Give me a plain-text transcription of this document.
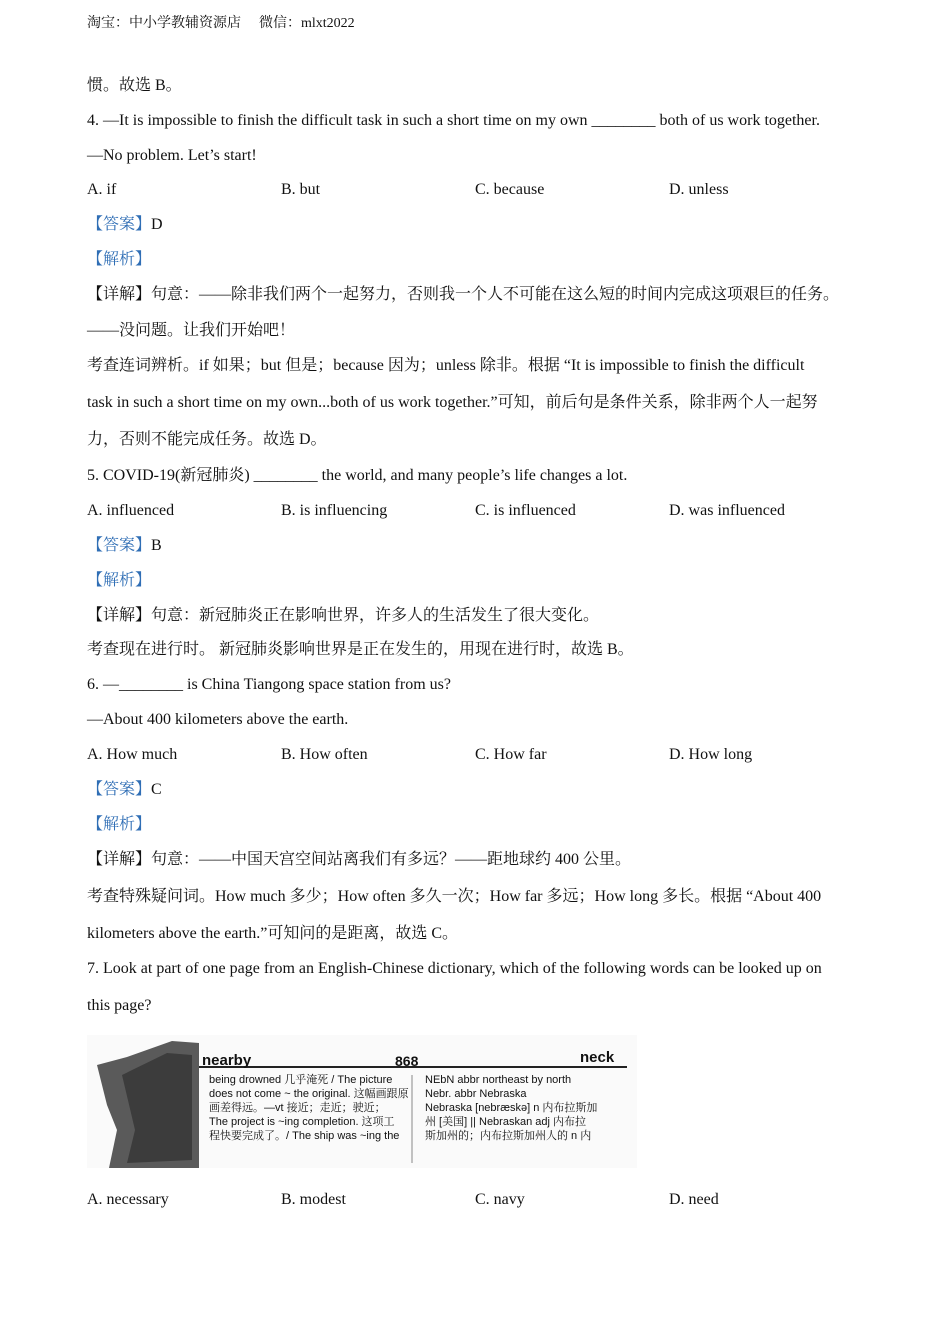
淘宝：中小学教辅资源店 微信：mlxt2022
惯。故选 B。
4. —It is impossible to finish the difficult task in such a short time on my own ________ both of us work together.
—No problem. Let’s start!
A. if	B. but	C. because	D. unless
【答案】D
【解析】
【详解】句意：——除非我们两个一起努力，否则我一个人不可能在这么短的时间内完成这项艰巨的任务。
——没问题。让我们开始吧！
考查连词辨析。if 如果；but 但是；because 因为；unless 除非。根据 “It is impossible to finish the difficult
task in such a short time on my own...both of us work together.”可知，前后句是条件关系，除非两个人一起努
力，否则不能完成任务。故选 D。
5. COVID-19(新冠肺炎) ________ the world, and many people’s life changes a lot.
A. influenced	B. is influencing	C. is influenced	D. was influenced
【答案】B
【解析】
【详解】句意：新冠肺炎正在影响世界，许多人的生活发生了很大变化。
考查现在进行时。 新冠肺炎影响世界是正在发生的，用现在进行时，故选 B。
6. —________ is China Tiangong space station from us?
—About 400 kilometers above the earth.
A. How much	B. How often	C. How far	D. How long
【答案】C
【解析】
【详解】句意：——中国天宫空间站离我们有多远？——距地球约 400 公里。
考查特殊疑问词。How much 多少；How often 多久一次；How far 多远；How long 多长。根据 “About 400
kilometers above the earth.”可知问的是距离，故选 C。
7. Look at part of one page from an English-Chinese dictionary, which of the following words can be looked up on
this page?
nearby	868	neck
being drowned 几乎淹死 / The picture
does not come ~ the original. 这幅画跟原
画差得远。—vt 接近；走近；驶近；
The project is ~ing completion. 这项工
程快要完成了。/ The ship was ~ing the
NEbN abbr northeast by north
Nebr. abbr Nebraska
Nebraska [nebræskə] n 内布拉斯加
州 [美国] || Nebraskan adj 内布拉
斯加州的；内布拉斯加州人的 n 内
A. necessary	B. modest	C. navy	D. need
